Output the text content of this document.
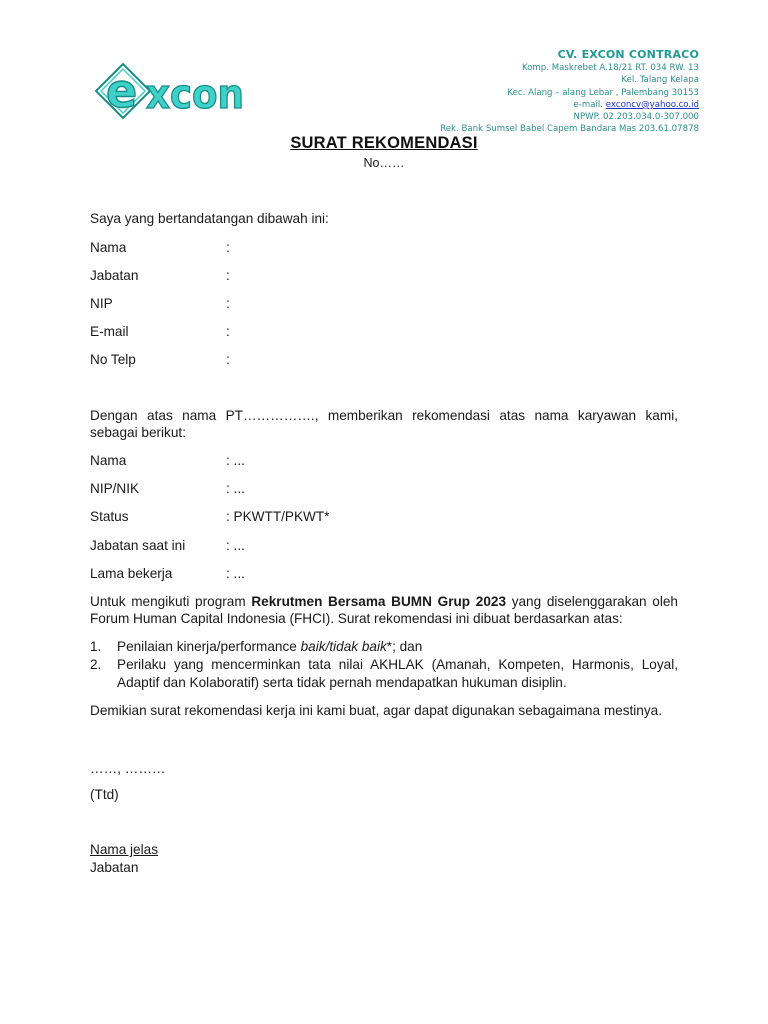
e xcon
CV. EXCON CONTRACO
Komp. Maskrebet A.18/21 RT. 034 RW. 13
Kel. Talang Kelapa
Kec. Alang – alang Lebar , Palembang 30153
e-mail. exconcv@yahoo.co.id
NPWP. 02.203.034.0-307.000
Rek. Bank Sumsel Babel Capem Bandara Mas 203.61.07878
SURAT REKOMENDASI
No……
Saya yang bertandatangan dibawah ini:
Nama	:
Jabatan	:
NIP	:
E-mail	:
No Telp	:
Dengan atas nama PT……………., memberikan rekomendasi atas nama karyawan kami,
sebagai berikut:
Nama	: ...
NIP/NIK	: ...
Status	: PKWTT/PKWT*
Jabatan saat ini	: ...
Lama bekerja	: ...
Untuk mengikuti program Rekrutmen Bersama BUMN Grup 2023 yang diselenggarakan oleh
Forum Human Capital Indonesia (FHCI). Surat rekomendasi ini dibuat berdasarkan atas:
1. Penilaian kinerja/performance baik/tidak baik*; dan
2. Perilaku yang mencerminkan tata nilai AKHLAK (Amanah, Kompeten, Harmonis, Loyal,
Adaptif dan Kolaboratif) serta tidak pernah mendapatkan hukuman disiplin.
Demikian surat rekomendasi kerja ini kami buat, agar dapat digunakan sebagaimana mestinya.
……, ………
(Ttd)
Nama jelas
Jabatan
